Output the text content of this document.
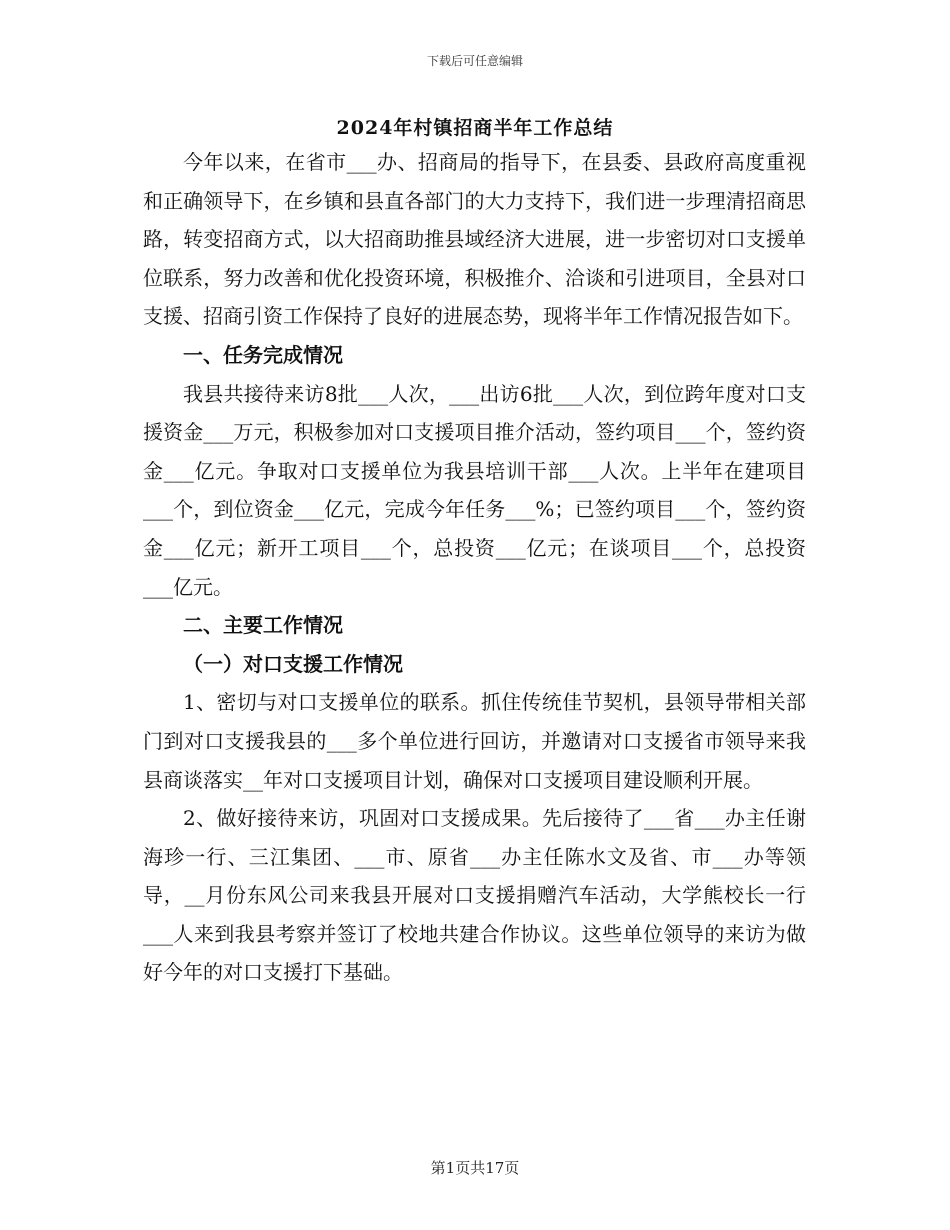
下载后可任意编辑
2024年村镇招商半年工作总结

今年以来，在省市___办、招商局的指导下，在县委、县政府高度重视和正确领导下，在乡镇和县直各部门的大力支持下，我们进一步理清招商思路，转变招商方式，以大招商助推县域经济大进展，进一步密切对口支援单位联系，努力改善和优化投资环境，积极推介、洽谈和引进项目，全县对口支援、招商引资工作保持了良好的进展态势，现将半年工作情况报告如下。

一、任务完成情况

我县共接待来访8批___人次，___出访6批___人次，到位跨年度对口支援资金___万元，积极参加对口支援项目推介活动，签约项目___个，签约资金___亿元。争取对口支援单位为我县培训干部___人次。上半年在建项目___个，到位资金___亿元，完成今年任务___%；已签约项目___个，签约资金___亿元；新开工项目___个，总投资___亿元；在谈项目___个，总投资___亿元。

二、主要工作情况

（一）对口支援工作情况

1、密切与对口支援单位的联系。抓住传统佳节契机，县领导带相关部门到对口支援我县的___多个单位进行回访，并邀请对口支援省市领导来我县商谈落实__年对口支援项目计划，确保对口支援项目建设顺利开展。

2、做好接待来访，巩固对口支援成果。先后接待了___省___办主任谢海珍一行、三江集团、___市、原省___办主任陈水文及省、市___办等领导，__月份东风公司来我县开展对口支援捐赠汽车活动，大学熊校长一行___人来到我县考察并签订了校地共建合作协议。这些单位领导的来访为做好今年的对口支援打下基础。

第1页共17页
